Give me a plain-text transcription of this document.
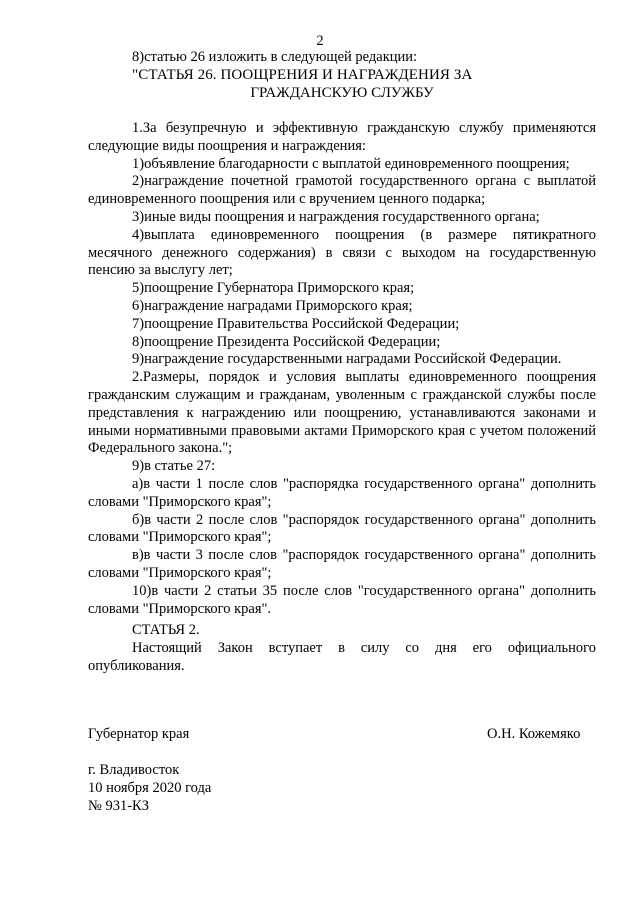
2
8)статью 26 изложить в следующей редакции:
"СТАТЬЯ 26. ПООЩРЕНИЯ И НАГРАЖДЕНИЯ ЗА
ГРАЖДАНСКУЮ СЛУЖБУ

1.За безупречную и эффективную гражданскую службу применяются следующие виды поощрения и награждения:

1)объявление благодарности с выплатой единовременного поощрения;

2)награждение почетной грамотой государственного органа с выплатой единовременного поощрения или с вручением ценного подарка;

3)иные виды поощрения и награждения государственного органа;

4)выплата единовременного поощрения (в размере пятикратного месячного денежного содержания) в связи с выходом на государственную пенсию за выслугу лет;

5)поощрение Губернатора Приморского края;

6)награждение наградами Приморского края;

7)поощрение Правительства Российской Федерации;

8)поощрение Президента Российской Федерации;

9)награждение государственными наградами Российской Федерации.

2.Размеры, порядок и условия выплаты единовременного поощрения гражданским служащим и гражданам, уволенным с гражданской службы после представления к награждению или поощрению, устанавливаются законами и иными нормативными правовыми актами Приморского края с учетом положений Федерального закона.";

9)в статье 27:

а)в части 1 после слов "распорядка государственного органа" дополнить словами "Приморского края";

б)в части 2 после слов "распорядок государственного органа" дополнить словами "Приморского края";

в)в части 3 после слов "распорядок государственного органа" дополнить словами "Приморского края";

10)в части 2 статьи 35 после слов "государственного органа" дополнить словами "Приморского края".

СТАТЬЯ 2.

Настоящий Закон вступает в силу со дня его официального опубликования.

Губернатор края	О.Н. Кожемяко
г. Владивосток
10 ноября 2020 года
№ 931-КЗ
